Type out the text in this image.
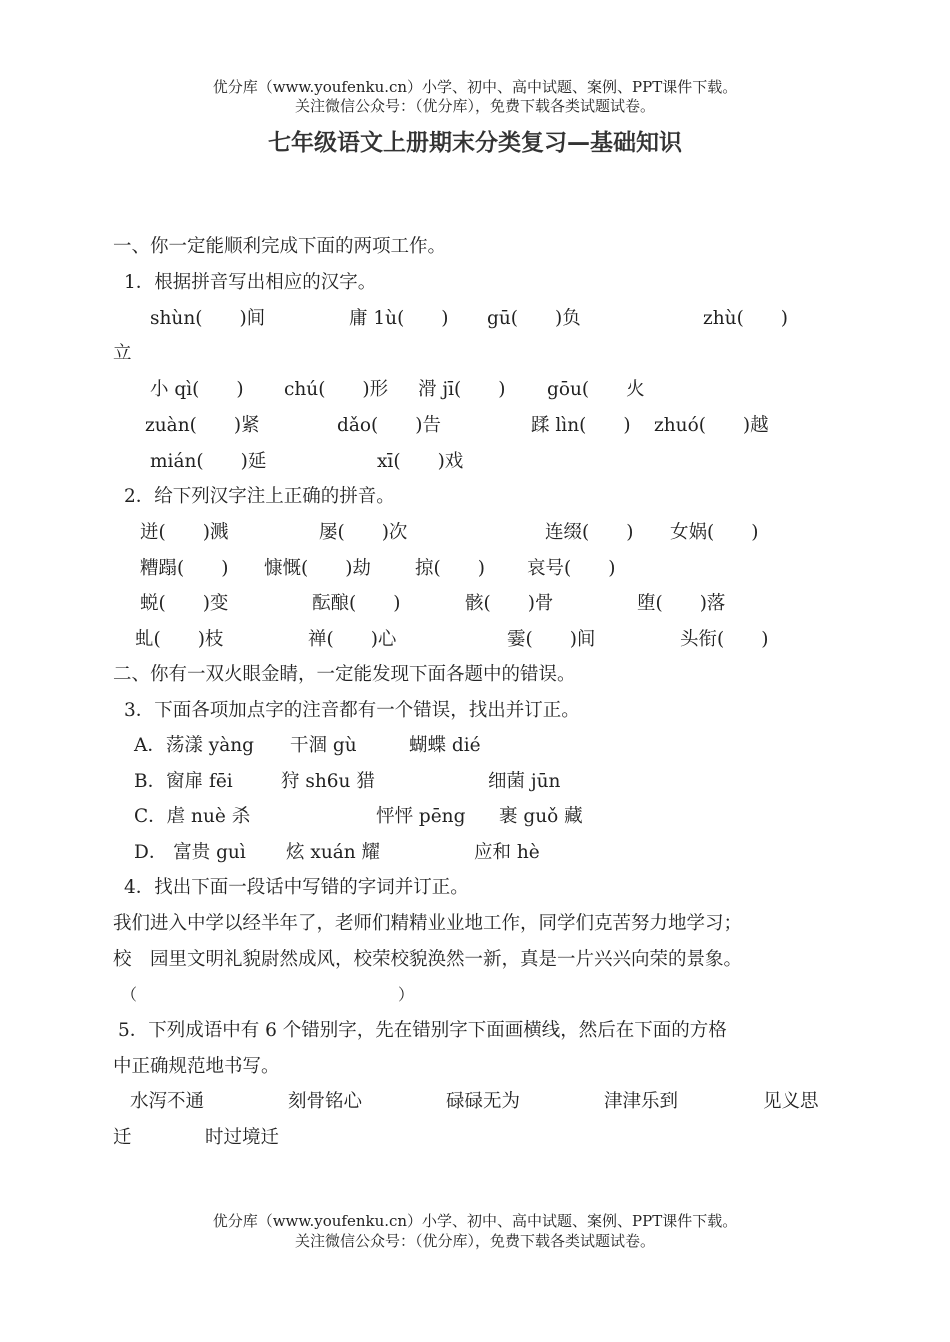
优分库（www.youfenku.cn）小学、初中、高中试题、案例、PPT课件下载。
关注微信公众号：（优分库），免费下载各类试题试卷。
七年级语文上册期末分类复习—基础知识
一、你一定能顺利完成下面的两项工作。
1．根据拼音写出相应的汉字。
shùn(　　)间	庸 1ù(　　) gū(　　)负	zhù(　　)
立
小 qì(　　) chú(　　)形 滑 jī(　　) gōu(　　火
zuàn(　　)紧	dǎo(　　)告	蹂 lìn(　　) zhuó(　　)越
mián(　　)延	xī(　　)戏
2．给下列汉字注上正确的拼音。
迸(　　)溅	屡(　　)次	连缀(　　) 女娲(　　)
糟蹋(　　) 慷慨(　　)劫 掠(　　) 哀号(　　)
蜕(　　)变	酝酿(　　)	骸(　　)骨	堕(　　)落
虬(　　)枝	禅(　　)心	霎(　　)间	头衔(　　)
二、你有一双火眼金睛，一定能发现下面各题中的错误。
3．下面各项加点字的注音都有一个错误，找出并订正。
A．荡漾 yàng 干涸 gù	蝴蝶 dié
B．窗扉 fēi	狩 sh6u 猎	细菌 jūn
C．虐 nuè 杀	怦怦 pēng 裹 guǒ 藏
D． 富贵 guì 炫 xuán 耀	应和 hè
4．找出下面一段话中写错的字词并订正。
我们进入中学以经半年了，老师们精精业业地工作，同学们克苦努力地学习；
校　园里文明礼貌尉然成风，校荣校貌涣然一新，真是一片兴兴向荣的景象。
（	）
5．下列成语中有 6 个错别字，先在错别字下面画横线，然后在下面的方格
中正确规范地书写。
水泻不通	刻骨铭心	碌碌无为	津津乐到	见义思
迁	时过境迁
优分库（www.youfenku.cn）小学、初中、高中试题、案例、PPT课件下载。
关注微信公众号：（优分库），免费下载各类试题试卷。
